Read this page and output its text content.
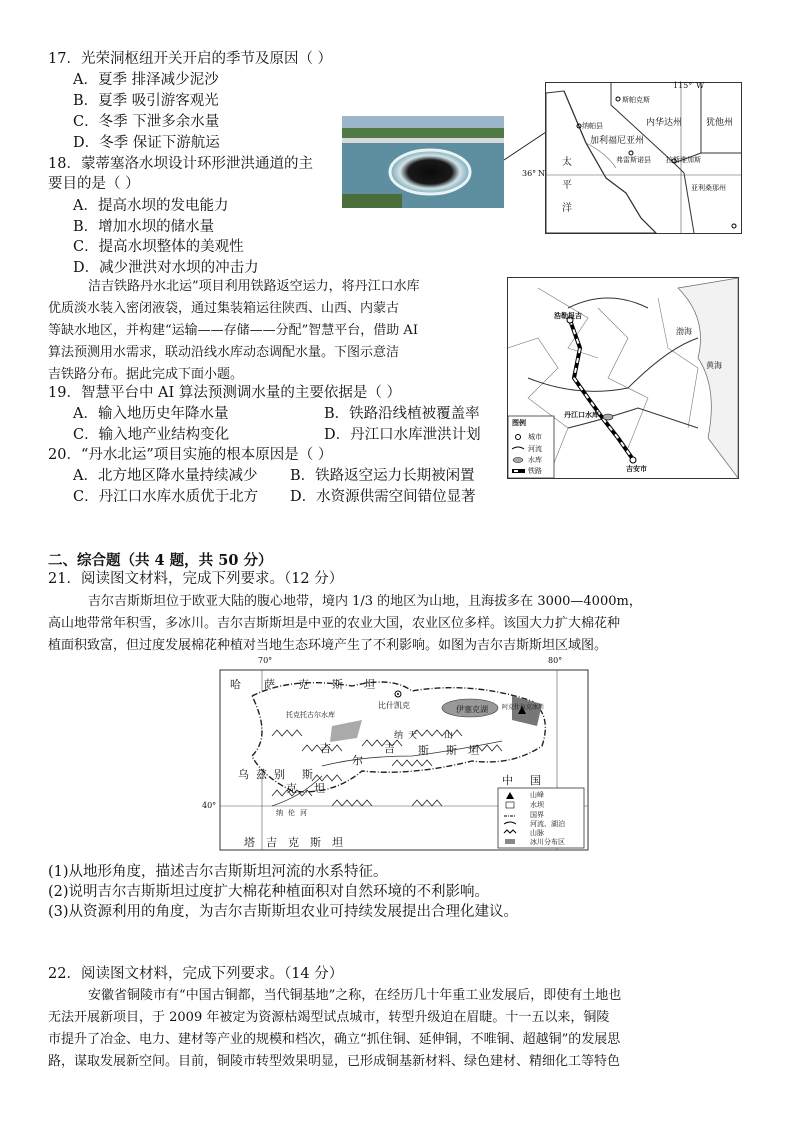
17．光荣洞枢纽开关开启的季节及原因（ ）
A．夏季 排泽减少泥沙
B．夏季 吸引游客观光
C．冬季 下泄多余水量
D．冬季 保证下游航运
18．蒙蒂塞洛水坝设计环形泄洪通道的主
要目的是（ ）
A．提高水坝的发电能力
B．增加水坝的储水量
C．提高水坝整体的美观性
D．减少泄洪对水坝的冲击力
115° W
36° N
太
平
洋
内华达州	犹他州
加利福尼亚州
亚利桑那州
斯帕克斯
纳帕县
弗雷斯诺县 拉斯维加斯
洁吉铁路丹水北运”项目利用铁路返空运力，将丹江口水库
优质淡水装入密闭液袋，通过集装箱运往陕西、山西、内蒙古
等缺水地区，并构建“运输——存储——分配”智慧平台，借助 AI
算法预测用水需求，联动沿线水库动态调配水量。下图示意洁
吉铁路分布。据此完成下面小题。
浩勒报吉
渤海
黄海
丹江口水库
吉安市
图例
城市
河流
水库
铁路
19．智慧平台中 AI 算法预测调水量的主要依据是（ ）
A．输入地历史年降水量	B．铁路沿线植被覆盖率
C．输入地产业结构变化	D．丹江口水库泄洪计划
20．“丹水北运”项目实施的根本原因是（ ）
A．北方地区降水量持续减少 B．铁路返空运力长期被闲置
C．丹江口水库水质优于北方 D．水资源供需空间错位显著
二、综合题（共 4 题，共 50 分）
21．阅读图文材料，完成下列要求。（12 分）
吉尔吉斯斯坦位于欧亚大陆的腹心地带，境内 1/3 的地区为山地，且海拔多在 3000—4000m，
高山地带常年积雪，多冰川。吉尔吉斯斯坦是中亚的农业大国，农业区位多样。该国大力扩大棉花种
植面积致富，但过度发展棉花种植对当地生态环境产生了不利影响。如图为吉尔吉斯斯坦区域图。
70°	80°
40°
哈 萨 克 斯 坦
比什凯克	伊塞克湖
托克托古尔水库
阿克什拉克冰川
纳 天	山
吉
尔
吉 斯 斯 坦
乌 兹 别
克
斯
坦
中 国
塔 吉 克 斯 坦
纳 伦 河
山峰
水坝
国界
河流、湖泊
山脉
冰川分布区
(1)从地形角度，描述吉尔吉斯斯坦河流的水系特征。
(2)说明吉尔吉斯斯坦过度扩大棉花种植面积对自然环境的不利影响。
(3)从资源利用的角度，为吉尔吉斯斯坦农业可持续发展提出合理化建议。
22．阅读图文材料，完成下列要求。（14 分）
安徽省铜陵市有“中国古铜都，当代铜基地”之称，在经历几十年重工业发展后，即使有土地也
无法开展新项目，于 2009 年被定为资源枯竭型试点城市，转型升级迫在眉睫。十一五以来，铜陵
市提升了冶金、电力、建材等产业的规模和档次，确立“抓住铜、延伸铜，不唯铜、超越铜”的发展思
路，谋取发展新空间。目前，铜陵市转型效果明显，已形成铜基新材料、绿色建材、精细化工等特色
